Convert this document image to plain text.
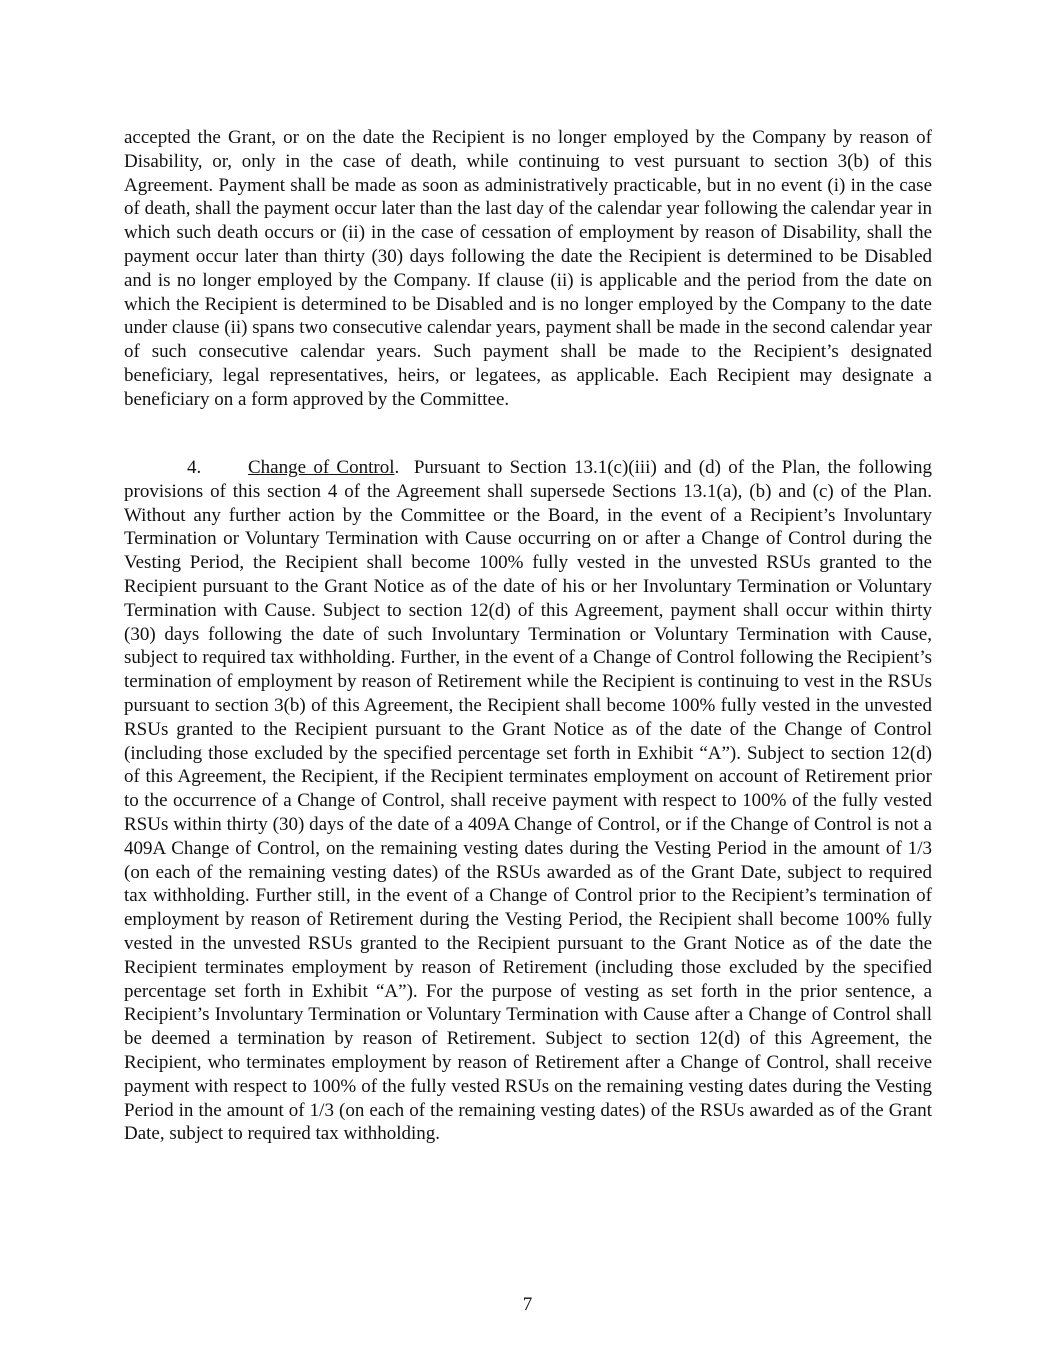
accepted the Grant, or on the date the Recipient is no longer employed by the Company by reason of Disability, or, only in the case of death, while continuing to vest pursuant to section 3(b) of this Agreement. Payment shall be made as soon as administratively practicable, but in no event (i) in the case of death, shall the payment occur later than the last day of the calendar year following the calendar year in which such death occurs or (ii) in the case of cessation of employment by reason of Disability, shall the payment occur later than thirty (30) days following the date the Recipient is determined to be Disabled and is no longer employed by the Company. If clause (ii) is applicable and the period from the date on which the Recipient is determined to be Disabled and is no longer employed by the Company to the date under clause (ii) spans two consecutive calendar years, payment shall be made in the second calendar year of such consecutive calendar years. Such payment shall be made to the Recipient’s designated beneficiary, legal representatives, heirs, or legatees, as applicable. Each Recipient may designate a beneficiary on a form approved by the Committee.

4. Change of Control. Pursuant to Section 13.1(c)(iii) and (d) of the Plan, the following provisions of this section 4 of the Agreement shall supersede Sections 13.1(a), (b) and (c) of the Plan. Without any further action by the Committee or the Board, in the event of a Recipient’s Involuntary Termination or Voluntary Termination with Cause occurring on or after a Change of Control during the Vesting Period, the Recipient shall become 100% fully vested in the unvested RSUs granted to the Recipient pursuant to the Grant Notice as of the date of his or her Involuntary Termination or Voluntary Termination with Cause. Subject to section 12(d) of this Agreement, payment shall occur within thirty (30) days following the date of such Involuntary Termination or Voluntary Termination with Cause, subject to required tax withholding. Further, in the event of a Change of Control following the Recipient’s termination of employment by reason of Retirement while the Recipient is continuing to vest in the RSUs pursuant to section 3(b) of this Agreement, the Recipient shall become 100% fully vested in the unvested RSUs granted to the Recipient pursuant to the Grant Notice as of the date of the Change of Control (including those excluded by the specified percentage set forth in Exhibit “A”). Subject to section 12(d) of this Agreement, the Recipient, if the Recipient terminates employment on account of Retirement prior to the occurrence of a Change of Control, shall receive payment with respect to 100% of the fully vested RSUs within thirty (30) days of the date of a 409A Change of Control, or if the Change of Control is not a 409A Change of Control, on the remaining vesting dates during the Vesting Period in the amount of 1/3 (on each of the remaining vesting dates) of the RSUs awarded as of the Grant Date, subject to required tax withholding. Further still, in the event of a Change of Control prior to the Recipient’s termination of employment by reason of Retirement during the Vesting Period, the Recipient shall become 100% fully vested in the unvested RSUs granted to the Recipient pursuant to the Grant Notice as of the date the Recipient terminates employment by reason of Retirement (including those excluded by the specified percentage set forth in Exhibit “A”). For the purpose of vesting as set forth in the prior sentence, a Recipient’s Involuntary Termination or Voluntary Termination with Cause after a Change of Control shall be deemed a termination by reason of Retirement. Subject to section 12(d) of this Agreement, the Recipient, who terminates employment by reason of Retirement after a Change of Control, shall receive payment with respect to 100% of the fully vested RSUs on the remaining vesting dates during the Vesting Period in the amount of 1/3 (on each of the remaining vesting dates) of the RSUs awarded as of the Grant Date, subject to required tax withholding.

7
